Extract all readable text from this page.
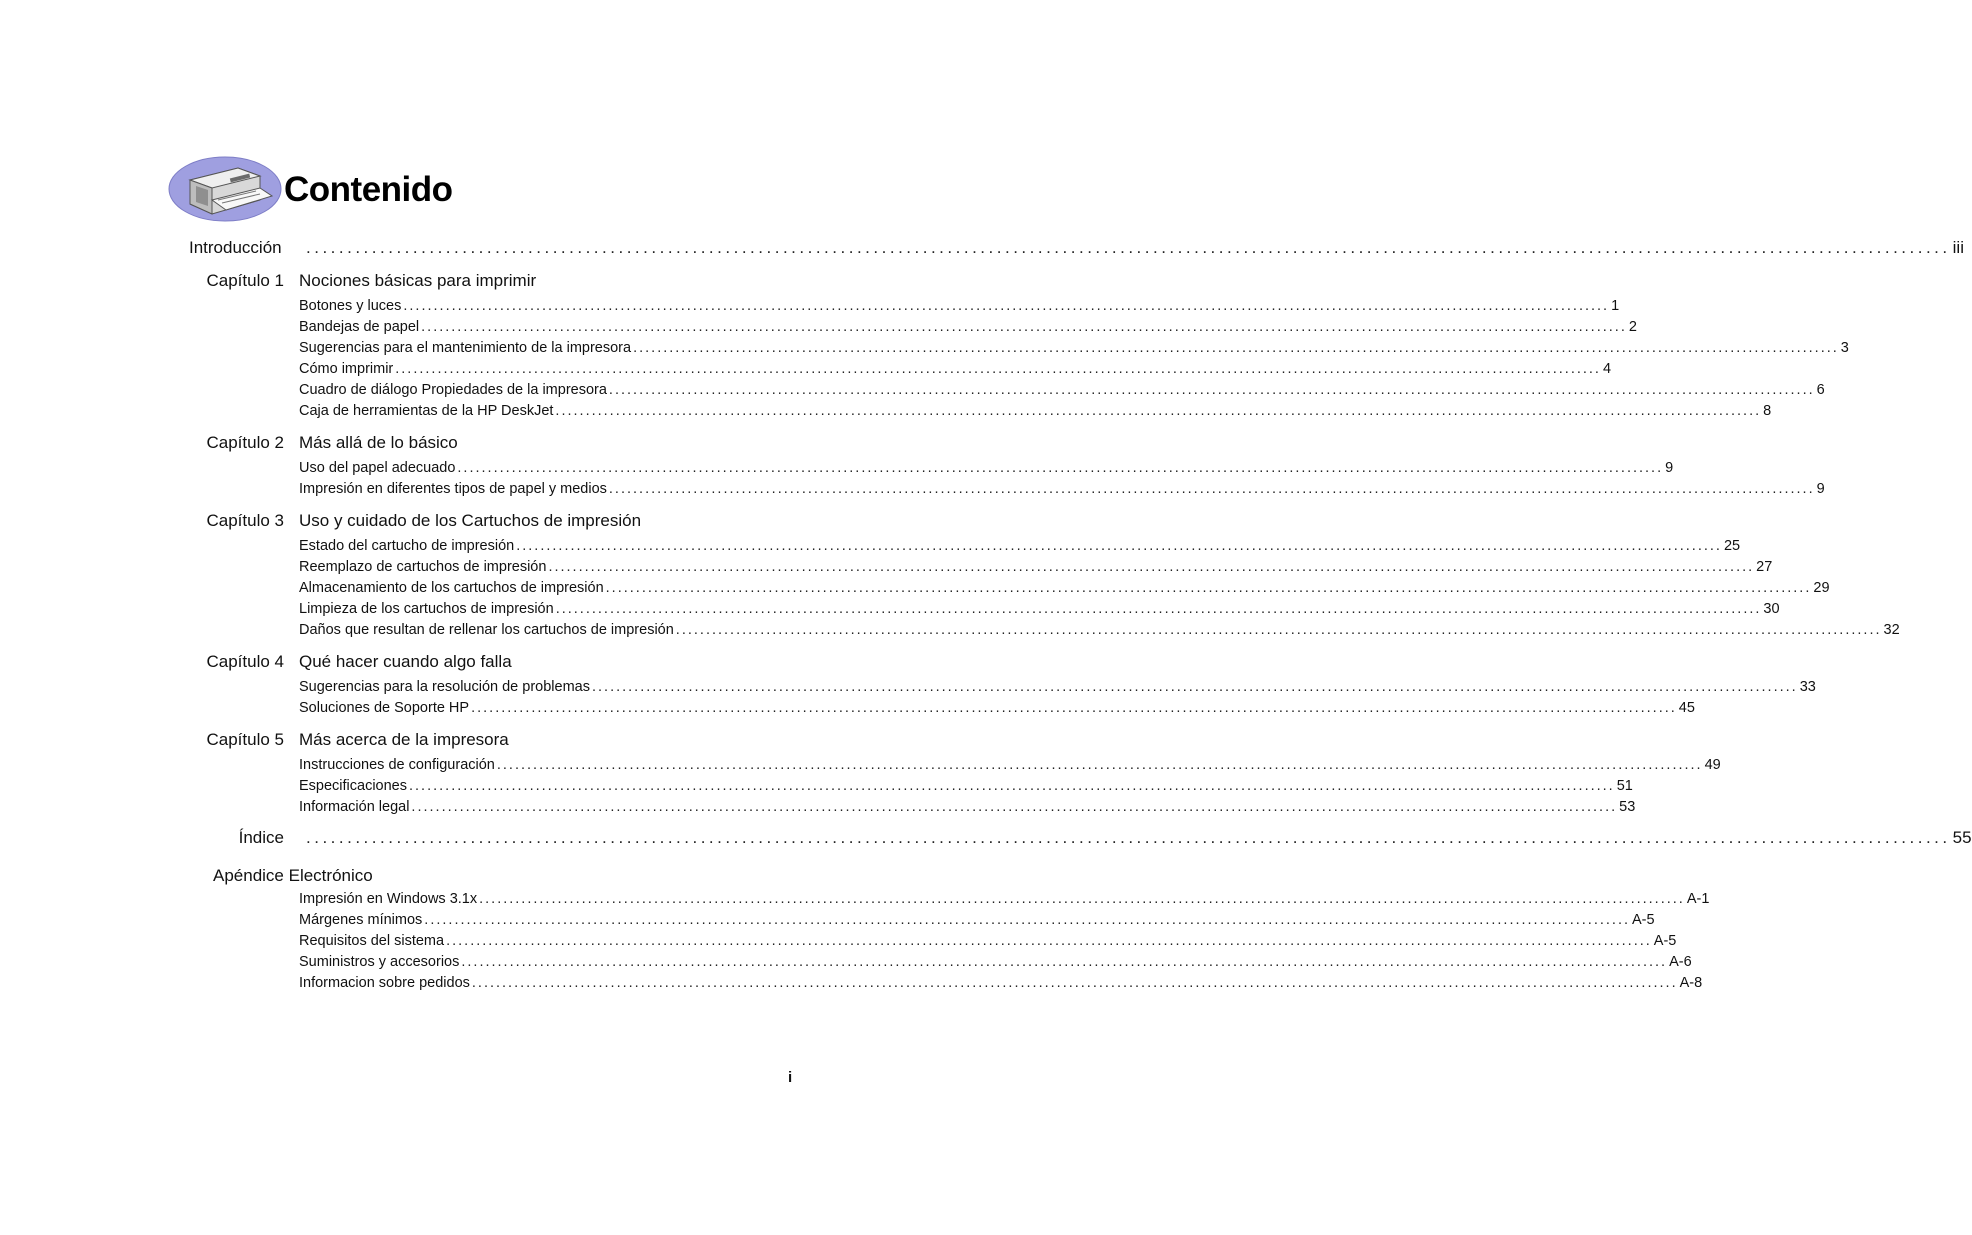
Contenido
Introducción	........................................................................................................................................................................................................ iii
Capítulo 1 Nociones básicas para imprimir
Botones y luces ........................................................................................................................................................................................................ 1
Bandejas de papel ........................................................................................................................................................................................................ 2
Sugerencias para el mantenimiento de la impresora ........................................................................................................................................................................................................ 3
Cómo imprimir ........................................................................................................................................................................................................ 4
Cuadro de diálogo Propiedades de la impresora ........................................................................................................................................................................................................ 6
Caja de herramientas de la HP DeskJet ........................................................................................................................................................................................................ 8
Capítulo 2 Más allá de lo básico
Uso del papel adecuado ........................................................................................................................................................................................................ 9
Impresión en diferentes tipos de papel y medios ........................................................................................................................................................................................................ 9
Capítulo 3 Uso y cuidado de los Cartuchos de impresión
Estado del cartucho de impresión ........................................................................................................................................................................................................ 25
Reemplazo de cartuchos de impresión ........................................................................................................................................................................................................ 27
Almacenamiento de los cartuchos de impresión ........................................................................................................................................................................................................ 29
Limpieza de los cartuchos de impresión ........................................................................................................................................................................................................ 30
Daños que resultan de rellenar los cartuchos de impresión ........................................................................................................................................................................................................ 32
Capítulo 4 Qué hacer cuando algo falla
Sugerencias para la resolución de problemas ........................................................................................................................................................................................................ 33
Soluciones de Soporte HP ........................................................................................................................................................................................................ 45
Capítulo 5 Más acerca de la impresora
Instrucciones de configuración ........................................................................................................................................................................................................ 49
Especificaciones ........................................................................................................................................................................................................ 51
Información legal ........................................................................................................................................................................................................ 53
Índice ........................................................................................................................................................................................................ 55
Apéndice Electrónico
Impresión en Windows 3.1x ........................................................................................................................................................................................................ A-1
Márgenes mínimos ........................................................................................................................................................................................................ A-5
Requisitos del sistema ........................................................................................................................................................................................................ A-5
Suministros y accesorios ........................................................................................................................................................................................................ A-6
Informacion sobre pedidos ........................................................................................................................................................................................................ A-8
i
